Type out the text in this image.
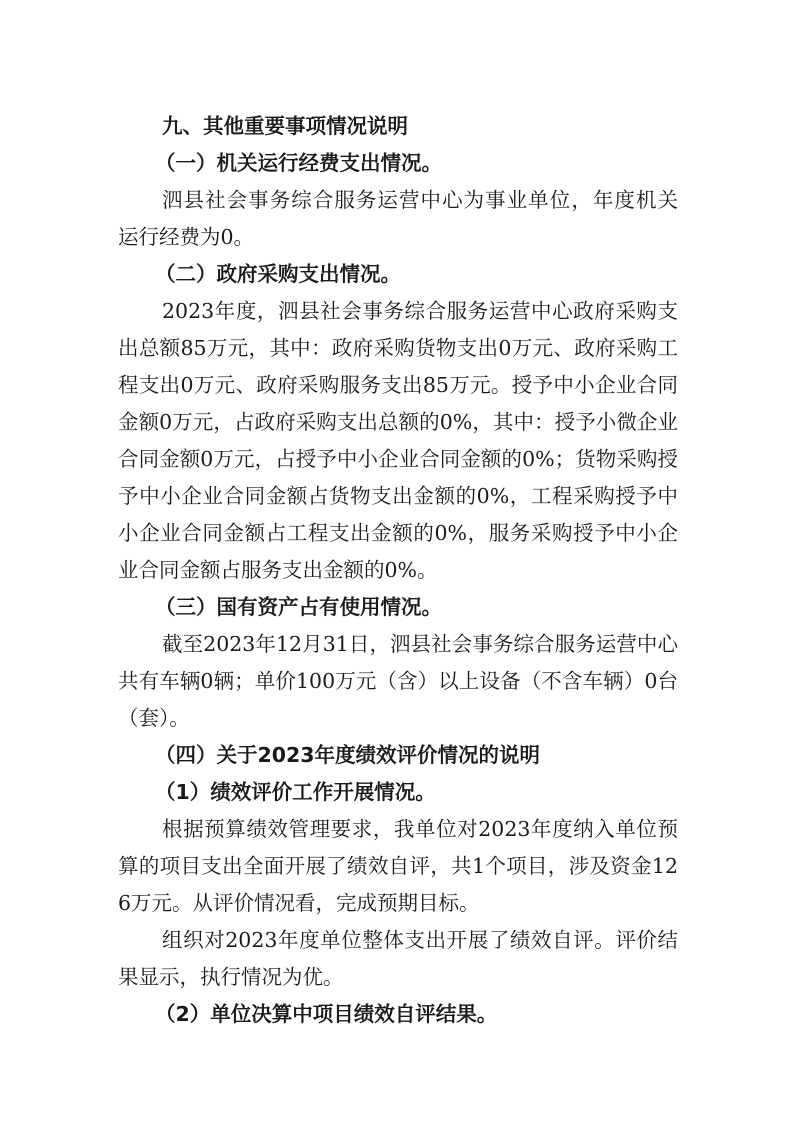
九、其他重要事项情况说明
（一）机关运行经费支出情况。
泗县社会事务综合服务运营中心为事业单位，年度机关
运行经费为0。
（二）政府采购支出情况。
2023年度，泗县社会事务综合服务运营中心政府采购支
出总额85万元，其中：政府采购货物支出0万元、政府采购工
程支出0万元、政府采购服务支出85万元。授予中小企业合同
金额0万元，占政府采购支出总额的0%，其中：授予小微企业
合同金额0万元，占授予中小企业合同金额的0%；货物采购授
予中小企业合同金额占货物支出金额的0%，工程采购授予中
小企业合同金额占工程支出金额的0%，服务采购授予中小企
业合同金额占服务支出金额的0%。
（三）国有资产占有使用情况。
截至2023年12月31日，泗县社会事务综合服务运营中心
共有车辆0辆；单价100万元（含）以上设备（不含车辆）0台
（套）。
（四）关于2023年度绩效评价情况的说明
（1）绩效评价工作开展情况。
根据预算绩效管理要求，我单位对2023年度纳入单位预
算的项目支出全面开展了绩效自评，共1个项目，涉及资金12
6万元。从评价情况看，完成预期目标。
组织对2023年度单位整体支出开展了绩效自评。评价结
果显示，执行情况为优。
（2）单位决算中项目绩效自评结果。
